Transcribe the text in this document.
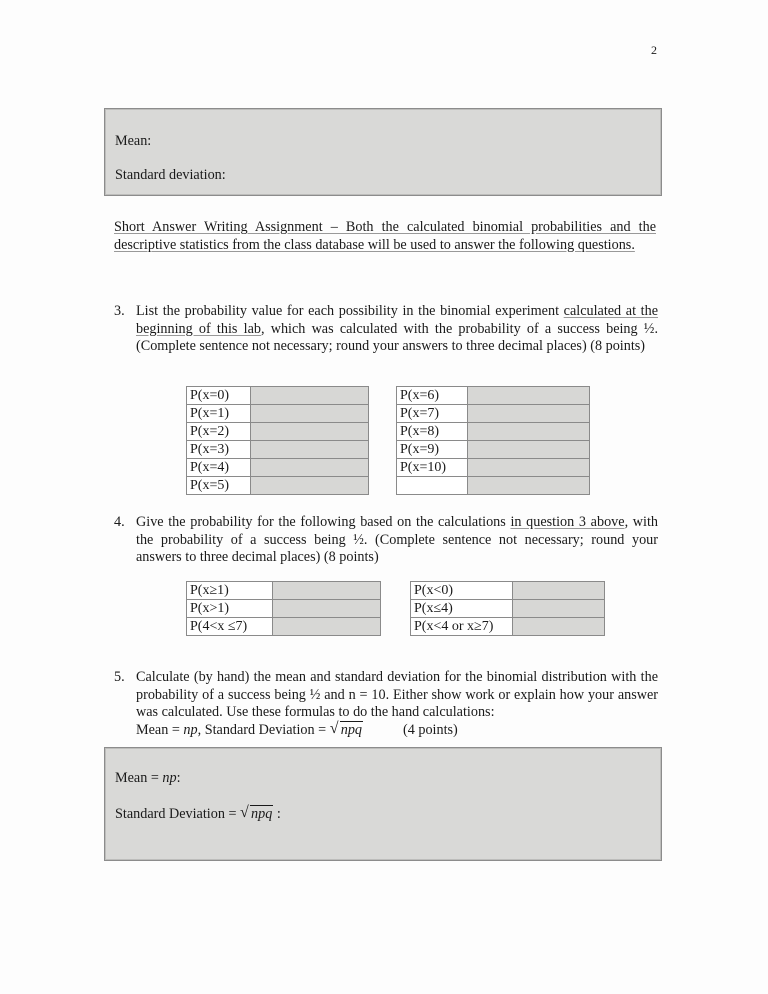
2
Mean:
Standard deviation:
Short Answer Writing Assignment – Both the calculated binomial probabilities and the descriptive statistics from the class database will be used to answer the following questions.
3. List the probability value for each possibility in the binomial experiment calculated at the beginning of this lab, which was calculated with the probability of a success being ½. (Complete sentence not necessary; round your answers to three decimal places) (8 points)
P(x=0)	
P(x=1)	
P(x=2)	
P(x=3)	
P(x=4)	
P(x=5)	
P(x=6)	
P(x=7)	
P(x=8)	
P(x=9)	
P(x=10)	

4. Give the probability for the following based on the calculations in question 3 above, with the probability of a success being ½. (Complete sentence not necessary; round your answers to three decimal places) (8 points)
P(x≥1)	
P(x>1)	
P(4<x ≤7)	
P(x<0)	
P(x≤4)	
P(x<4 or x≥7)	
5. Calculate (by hand) the mean and standard deviation for the binomial distribution with the probability of a success being ½ and n = 10. Either show work or explain how your answer was calculated. Use these formulas to do the hand calculations:
Mean = np, Standard Deviation = √ npq	(4 points)
Mean = np:
Standard Deviation = √ npq :
